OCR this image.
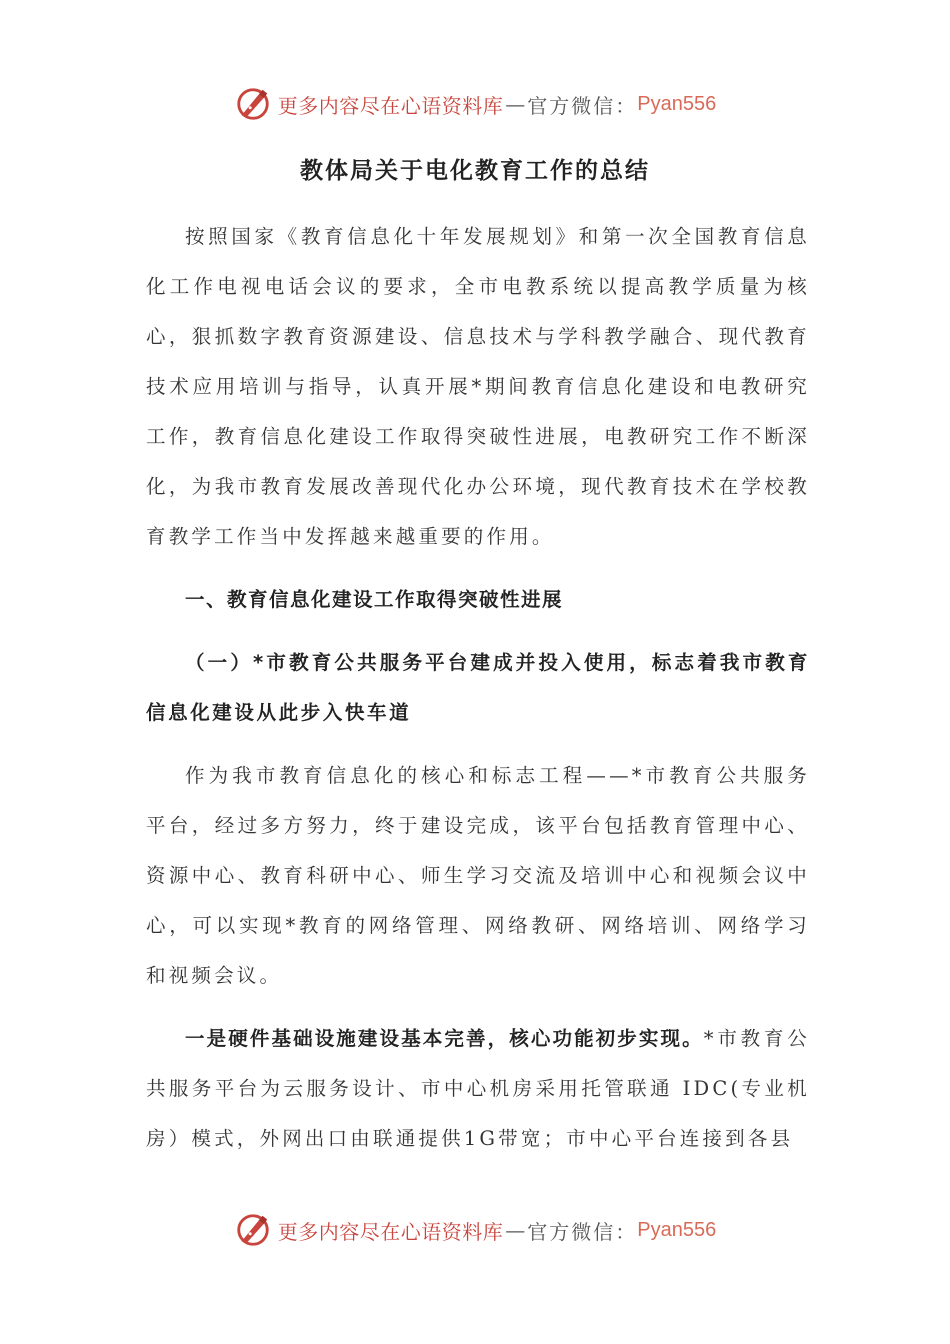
更多内容尽在心语资料库 — 官方微信： Pyan556
教体局关于电化教育工作的总结

按照国家《教育信息化十年发展规划》和第一次全国教育信息化工作电视电话会议的要求，全市电教系统以提高教学质量为核心，狠抓数字教育资源建设、信息技术与学科教学融合、现代教育技术应用培训与指导，认真开展*期间教育信息化建设和电教研究工作，教育信息化建设工作取得突破性进展，电教研究工作不断深化，为我市教育发展改善现代化办公环境，现代教育技术在学校教育教学工作当中发挥越来越重要的作用。

一、教育信息化建设工作取得突破性进展

（一）*市教育公共服务平台建成并投入使用，标志着我市教育信息化建设从此步入快车道

作为我市教育信息化的核心和标志工程——*市教育公共服务平台，经过多方努力，终于建设完成，该平台包括教育管理中心、资源中心、教育科研中心、师生学习交流及培训中心和视频会议中心，可以实现*教育的网络管理、网络教研、网络培训、网络学习和视频会议。

一是硬件基础设施建设基本完善，核心功能初步实现。*市教育公共服务平台为云服务设计、市中心机房采用托管联通 IDC(专业机房）模式，外网出口由联通提供1G带宽；市中心平台连接到各县

更多内容尽在心语资料库 — 官方微信： Pyan556
